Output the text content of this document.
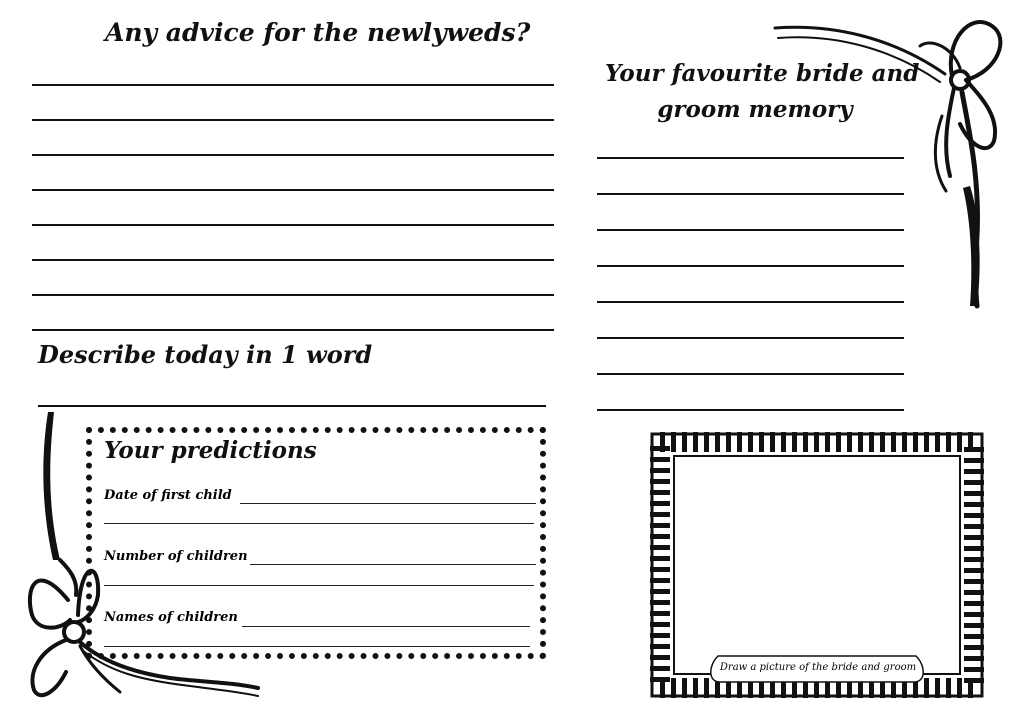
Any advice for the newlyweds?
Your favourite bride and
groom memory
Describe today in 1 word
Your predictions
Date of first child
Number of children
Names of children
Draw a picture of the bride and groom
